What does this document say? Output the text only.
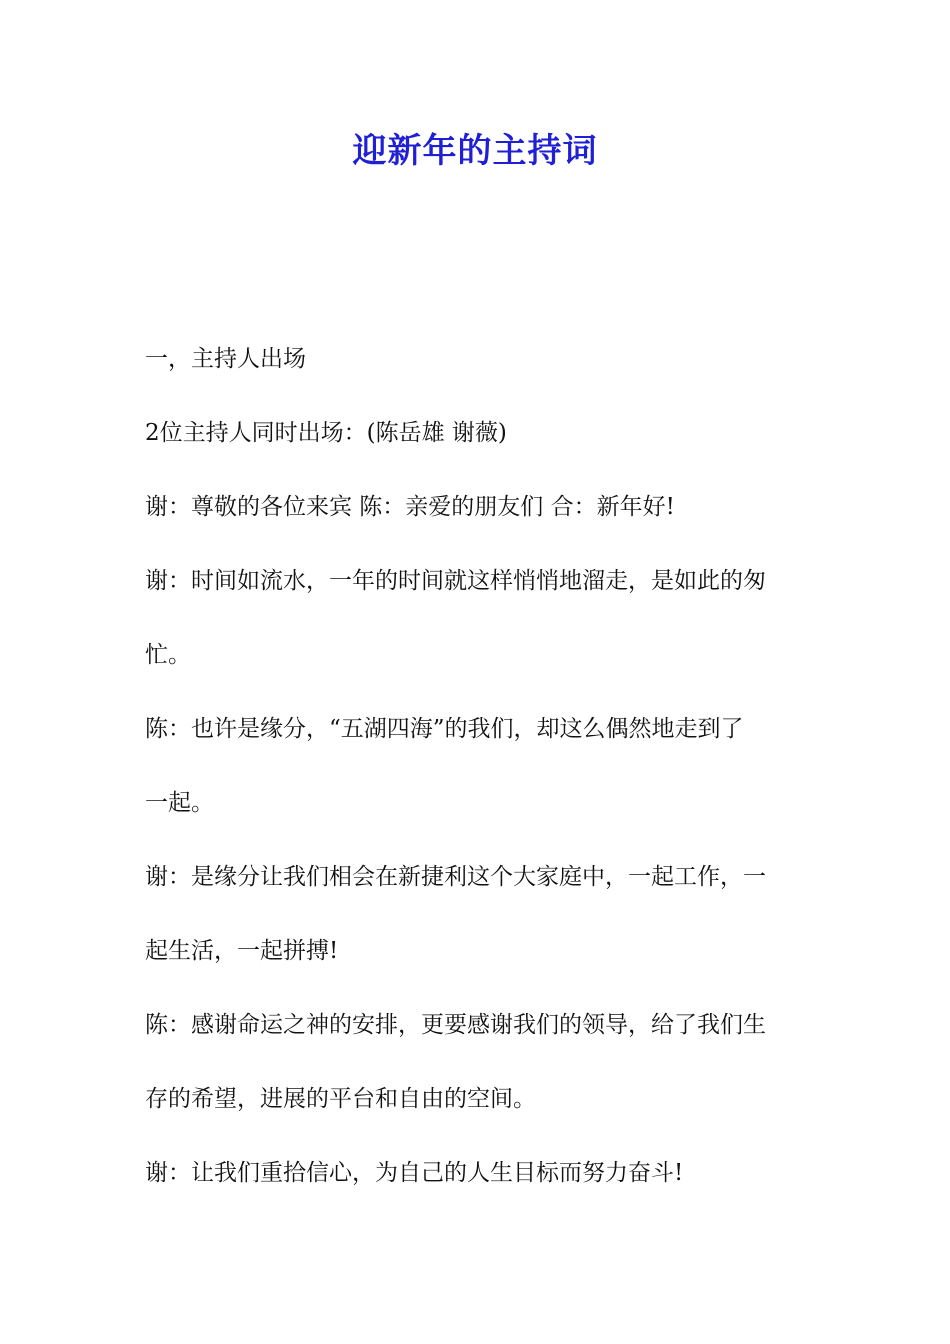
迎新年的主持词
一，主持人出场
2位主持人同时出场：(陈岳雄 谢薇)
谢：尊敬的各位来宾 陈：亲爱的朋友们 合：新年好!
谢：时间如流水，一年的时间就这样悄悄地溜走，是如此的匆
忙。
陈：也许是缘分，“五湖四海”的我们，却这么偶然地走到了
一起。
谢：是缘分让我们相会在新捷利这个大家庭中，一起工作，一
起生活，一起拼搏!
陈：感谢命运之神的安排，更要感谢我们的领导，给了我们生
存的希望，进展的平台和自由的空间。
谢：让我们重拾信心，为自己的人生目标而努力奋斗!
